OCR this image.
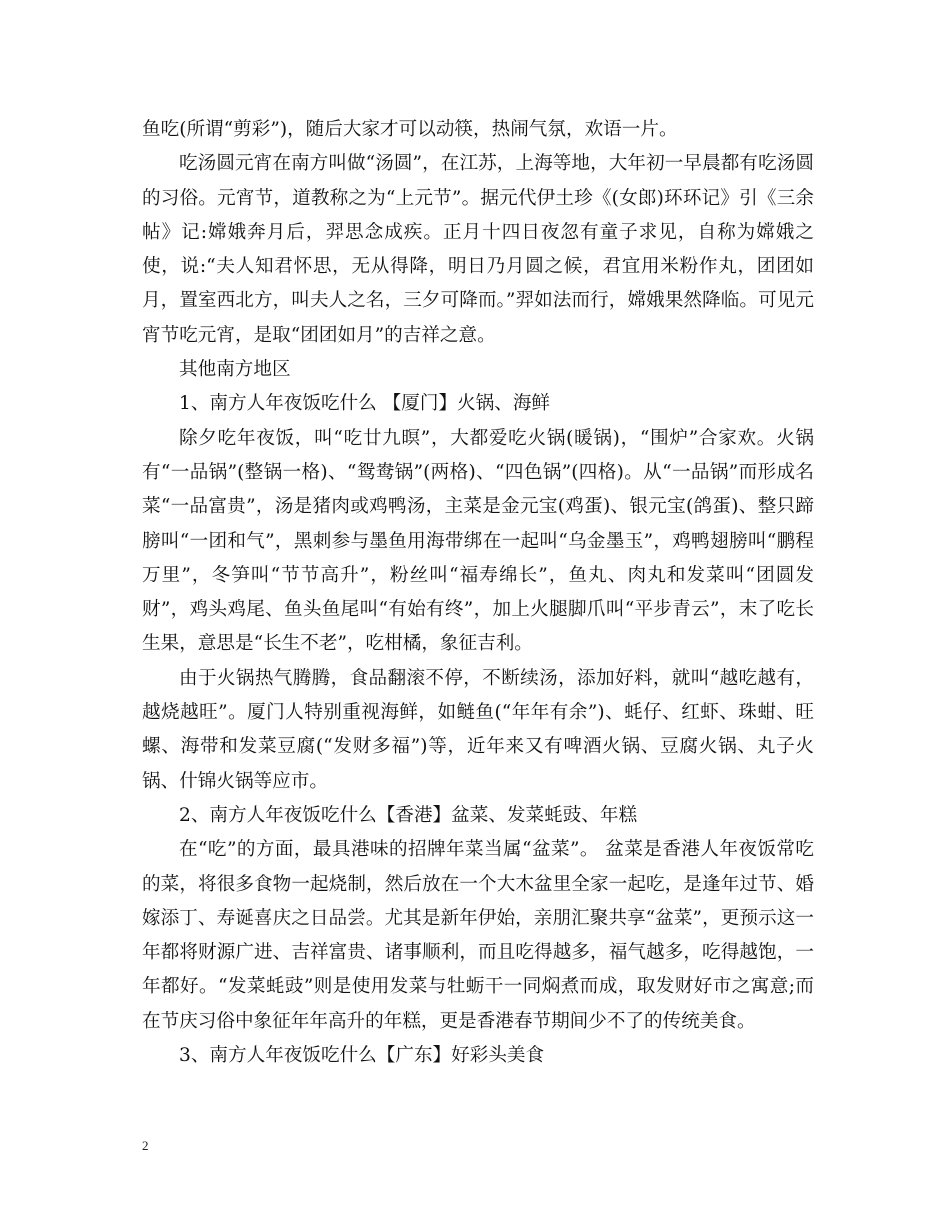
鱼吃(所谓“剪彩”)，随后大家才可以动筷，热闹气氛，欢语一片。

吃汤圆元宵在南方叫做“汤圆”，在江苏，上海等地，大年初一早晨都有吃汤圆的习俗。元宵节，道教称之为“上元节”。据元代伊土珍《(女郎)环环记》引《三余帖》记:嫦娥奔月后，羿思念成疾。正月十四日夜忽有童子求见，自称为嫦娥之使，说:“夫人知君怀思，无从得降，明日乃月圆之候，君宜用米粉作丸，团团如月，置室西北方，叫夫人之名，三夕可降而。”羿如法而行，嫦娥果然降临。可见元宵节吃元宵，是取“团团如月”的吉祥之意。

其他南方地区

1、南方人年夜饭吃什么 【厦门】火锅、海鲜

除夕吃年夜饭，叫“吃廿九暝”，大都爱吃火锅(暖锅)，“围炉”合家欢。火锅有“一品锅”(整锅一格)、“鸳鸯锅”(两格)、“四色锅”(四格)。从“一品锅”而形成名菜“一品富贵”，汤是猪肉或鸡鸭汤，主菜是金元宝(鸡蛋)、银元宝(鸽蛋)、整只蹄膀叫“一团和气”，黑刺参与墨鱼用海带绑在一起叫“乌金墨玉”，鸡鸭翅膀叫“鹏程万里”，冬笋叫“节节高升”，粉丝叫“福寿绵长”，鱼丸、肉丸和发菜叫“团圆发财”，鸡头鸡尾、鱼头鱼尾叫“有始有终”，加上火腿脚爪叫“平步青云”，末了吃长生果，意思是“长生不老”，吃柑橘，象征吉利。

由于火锅热气腾腾，食品翻滚不停，不断续汤，添加好料，就叫“越吃越有，越烧越旺”。厦门人特别重视海鲜，如鲢鱼(“年年有余”)、蚝仔、红虾、珠蚶、旺螺、海带和发菜豆腐(“发财多福”)等，近年来又有啤酒火锅、豆腐火锅、丸子火锅、什锦火锅等应市。

2、南方人年夜饭吃什么【香港】盆菜、发菜蚝豉、年糕

在“吃”的方面，最具港味的招牌年菜当属“盆菜”。 盆菜是香港人年夜饭常吃的菜，将很多食物一起烧制，然后放在一个大木盆里全家一起吃，是逢年过节、婚嫁添丁、寿诞喜庆之日品尝。尤其是新年伊始，亲朋汇聚共享“盆菜”，更预示这一年都将财源广进、吉祥富贵、诸事顺利，而且吃得越多，福气越多，吃得越饱，一年都好。“发菜蚝豉”则是使用发菜与牡蛎干一同焖煮而成，取发财好市之寓意;而在节庆习俗中象征年年高升的年糕，更是香港春节期间少不了的传统美食。

3、南方人年夜饭吃什么【广东】好彩头美食

2
